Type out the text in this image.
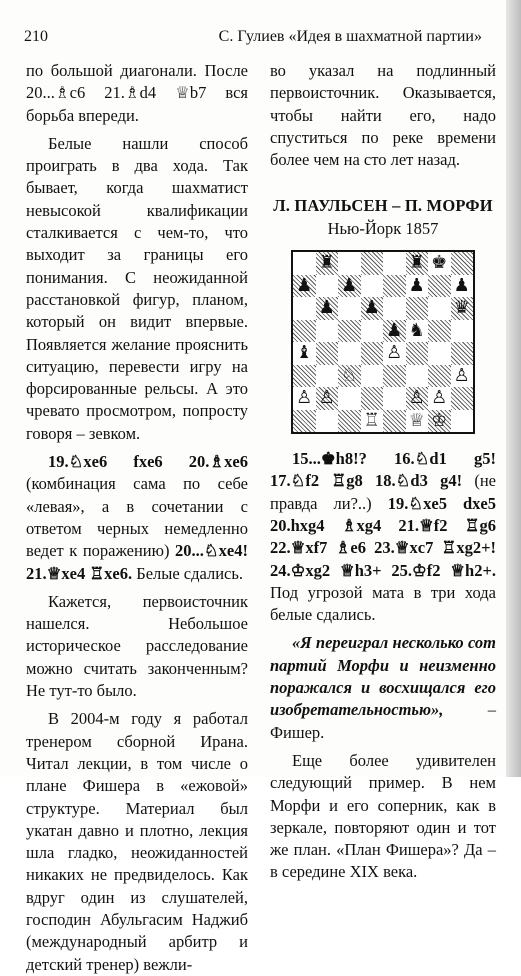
210	С. Гулиев «Идея в шахматной партии»

по большой диагонали. После 20...♗c6 21.♗d4 ♕b7 вся борьба впереди.

Белые нашли способ проиграть в два хода. Так бывает, когда шахматист невысокой квалификации сталкивается с чем-то, что выходит за границы его понимания. С неожиданной расстановкой фигур, планом, который он видит впервые. Появляется желание прояснить ситуацию, перевести игру на форсированные рельсы. А это чревато просмотром, попросту говоря – зевком.

19.♘xe6 fxe6 20.♗xe6 (комбинация сама по себе «левая», а в сочетании с ответом черных немедленно ведет к поражению) 20...♘xe4! 21.♕xe4 ♖xe6. Белые сдались.

Кажется, первоисточник нашелся. Небольшое историческое расследование можно считать законченным? Не тут-то было.

В 2004-м году я работал тренером сборной Ирана. Читал лекции, в том числе о плане Фишера в «ежовой» структуре. Материал был укатан давно и плотно, лекция шла гладко, неожиданностей никаких не предвиделось. Как вдруг один из слушателей, господин Абульгасим Наджиб (международный арбитр и детский тренер) вежли-

во указал на подлинный первоисточник. Оказывается, чтобы найти его, надо спуститься по реке времени более чем на сто лет назад.

Л. ПАУЛЬСЕН – П. МОРФИ

Нью-Йорк 1857

♜	♜ ♚
♟ ♟	♟ ♟
♟ ♟	♛
♟ ♞
♝	♙
♘	♙
♙ ♙	♙ ♙
♖ ♕ ♔

15...♚h8!? 16.♘d1 g5! 17.♘f2 ♖g8 18.♘d3 g4! (не правда ли?..) 19.♘xe5 dxe5 20.hxg4 ♗xg4 21.♕f2 ♖g6 22.♕xf7 ♗e6 23.♕xc7 ♖xg2+! 24.♔xg2 ♕h3+ 25.♔f2 ♕h2+. Под угрозой мата в три хода белые сдались.

«Я переиграл несколько сот партий Морфи и неизменно поражался и восхищался его изобретательностью», – Фишер.

Еще более удивителен следующий пример. В нем Морфи и его соперник, как в зеркале, повторяют один и тот же план. «План Фишера»? Да – в середине XIX века.
